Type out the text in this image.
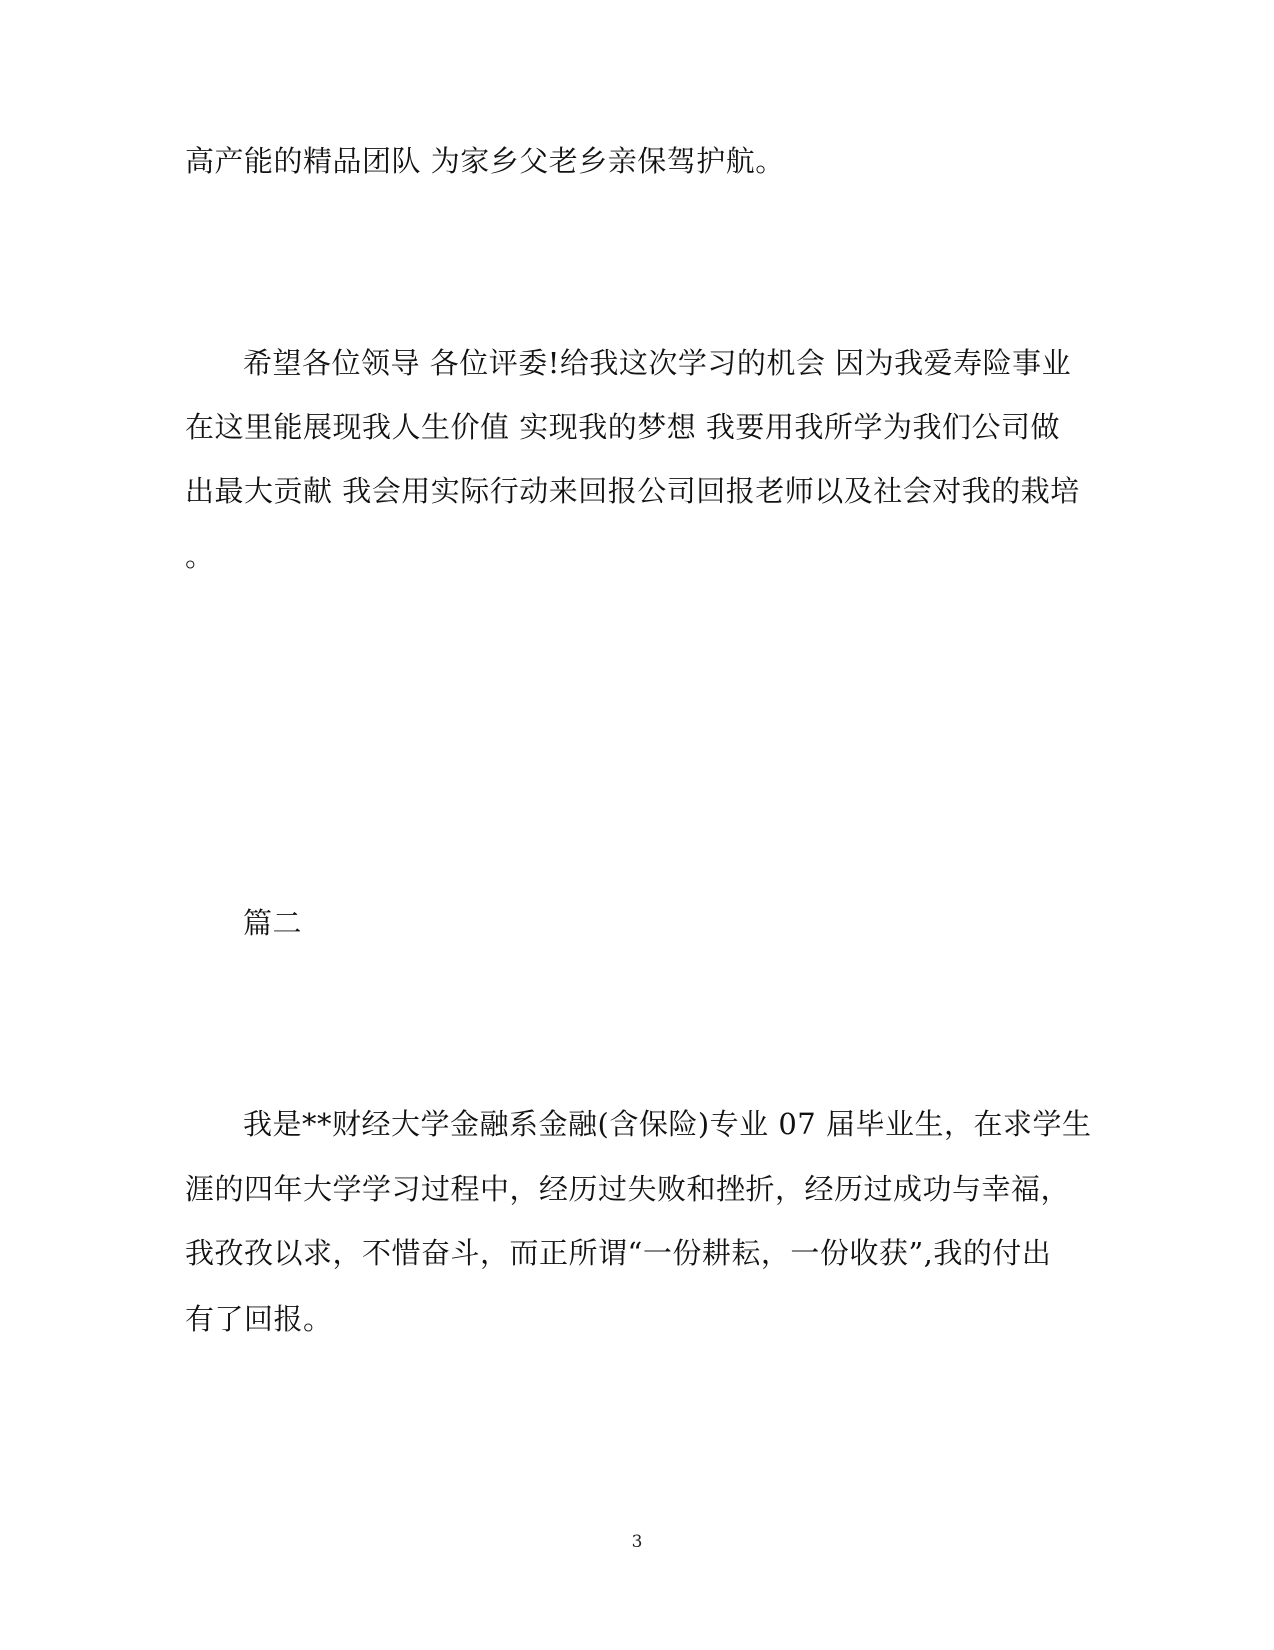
高产能的精品团队 为家乡父老乡亲保驾护航。
希望各位领导 各位评委!给我这次学习的机会 因为我爱寿险事业
在这里能展现我人生价值 实现我的梦想 我要用我所学为我们公司做
出最大贡献 我会用实际行动来回报公司回报老师以及社会对我的栽培
。
篇二
我是**财经大学金融系金融(含保险)专业 07 届毕业生，在求学生
涯的四年大学学习过程中，经历过失败和挫折，经历过成功与幸福，
我孜孜以求，不惜奋斗，而正所谓“一份耕耘，一份收获”,我的付出
有了回报。
3
